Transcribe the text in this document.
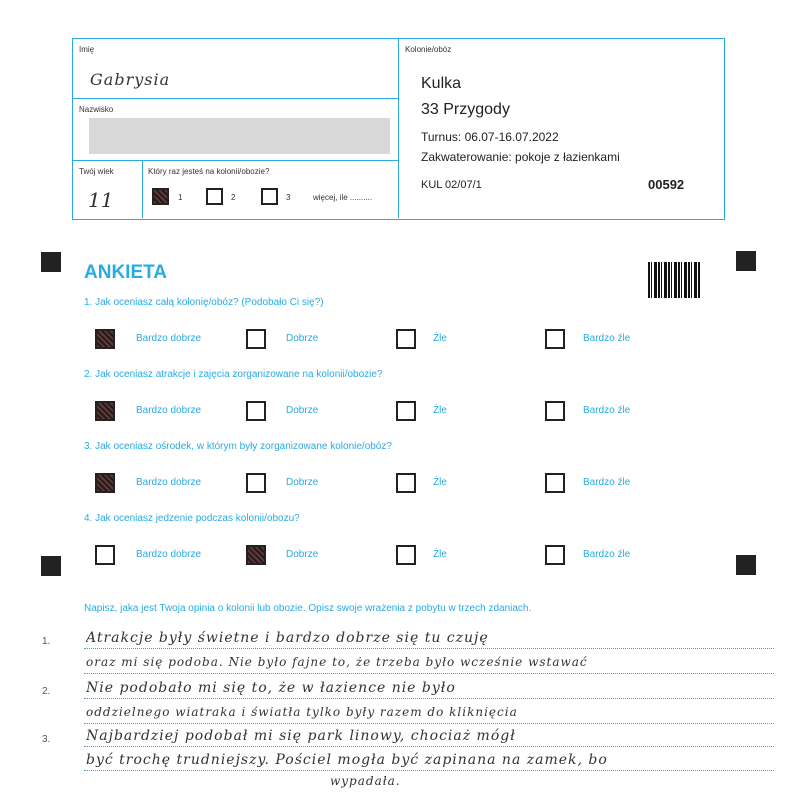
Imię
Gabrysia
Nazwisko
Twój wiek
11
Który raz jesteś na kolonii/obozie?
1	2	3	więcej, ile ..........
Kolonie/obóz
Kulka
33 Przygody
Turnus: 06.07-16.07.2022
Zakwaterowanie: pokoje z łazienkami
KUL 02/07/1	00592
ANKIETA
1. Jak oceniasz całą kolonię/obóz? (Podobało Ci się?)
Bardzo dobrze	Dobrze	Źle	Bardzo źle
2. Jak oceniasz atrakcje i zajęcia zorganizowane na kolonii/obozie?
Bardzo dobrze	Dobrze	Źle	Bardzo źle
3. Jak oceniasz ośrodek, w którym były zorganizowane kolonie/obóz?
Bardzo dobrze	Dobrze	Źle	Bardzo źle
4. Jak oceniasz jedzenie podczas kolonii/obozu?
Bardzo dobrze	Dobrze	Źle	Bardzo źle
Napisz, jaka jest Twoja opinia o kolonii lub obozie. Opisz swoje wrażenia z pobytu w trzech zdaniach.
1.	Atrakcje były świetne i bardzo dobrze się tu czuję
oraz mi się podoba. Nie było fajne to, że trzeba było wcześnie wstawać
2.	Nie podobało mi się to, że w łazience nie było
oddzielnego wiatraka i światła tylko były razem do kliknięcia
3.	Najbardziej podobał mi się park linowy, chociaż mógł
być trochę trudniejszy. Pościel mogła być zapinana na zamek, bo
wypadała.
